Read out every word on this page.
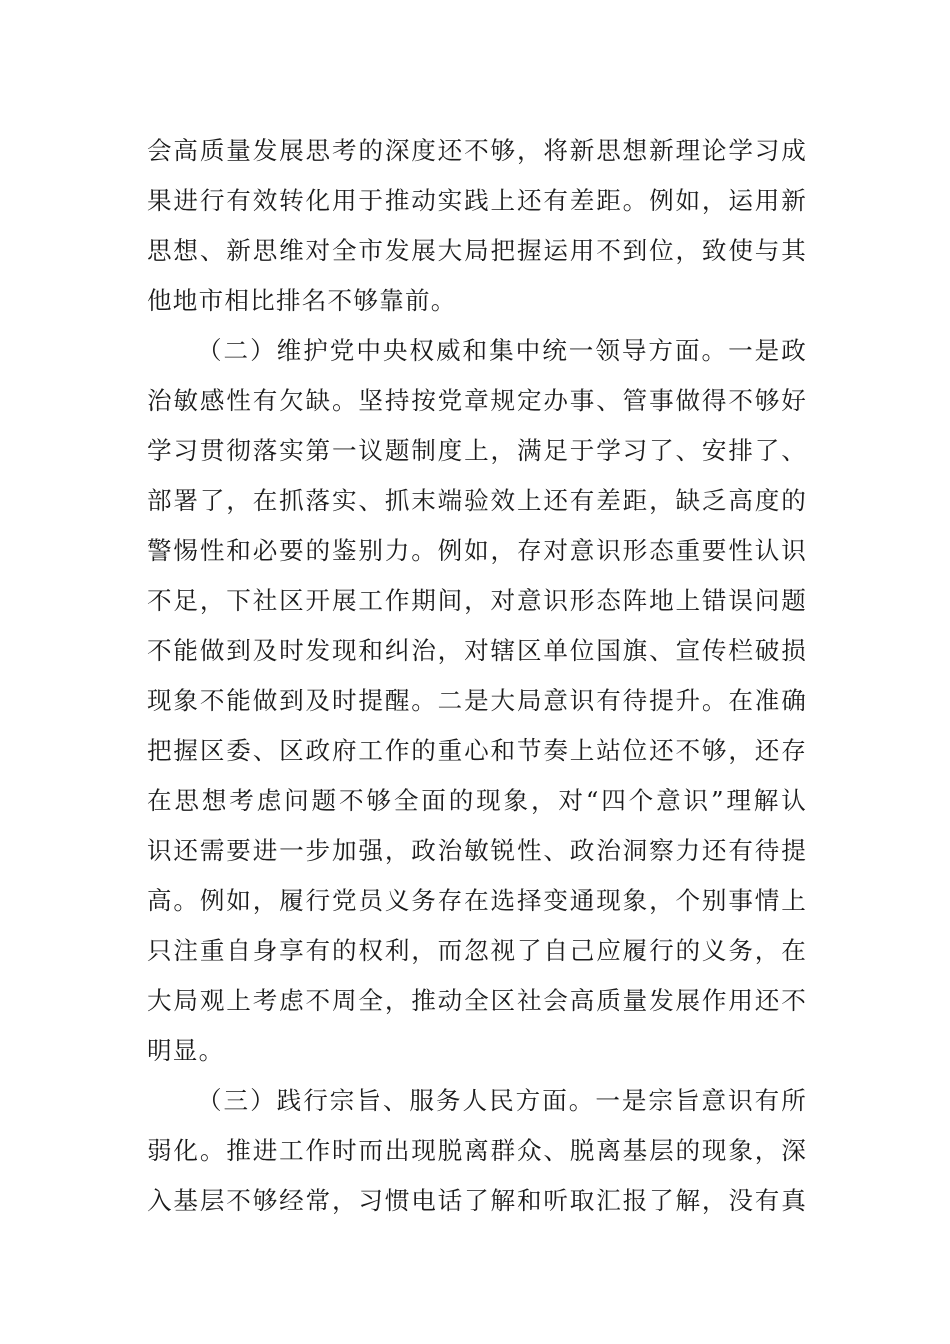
会高质量发展思考的深度还不够，将新思想新理论学习成
果进行有效转化用于推动实践上还有差距。例如，运用新
思想、新思维对全市发展大局把握运用不到位，致使与其
他地市相比排名不够靠前。
（二）维护党中央权威和集中统一领导方面。一是政
治敏感性有欠缺。坚持按党章规定办事、管事做得不够好
学习贯彻落实第一议题制度上，满足于学习了、安排了、
部署了，在抓落实、抓末端验效上还有差距，缺乏高度的
警惕性和必要的鉴别力。例如，存对意识形态重要性认识
不足，下社区开展工作期间，对意识形态阵地上错误问题
不能做到及时发现和纠治，对辖区单位国旗、宣传栏破损
现象不能做到及时提醒。二是大局意识有待提升。在准确
把握区委、区政府工作的重心和节奏上站位还不够，还存
在思想考虑问题不够全面的现象，对“四个意识”理解认
识还需要进一步加强，政治敏锐性、政治洞察力还有待提
高。例如，履行党员义务存在选择变通现象，个别事情上
只注重自身享有的权利，而忽视了自己应履行的义务，在
大局观上考虑不周全，推动全区社会高质量发展作用还不
明显。
（三）践行宗旨、服务人民方面。一是宗旨意识有所
弱化。推进工作时而出现脱离群众、脱离基层的现象，深
入基层不够经常，习惯电话了解和听取汇报了解，没有真
